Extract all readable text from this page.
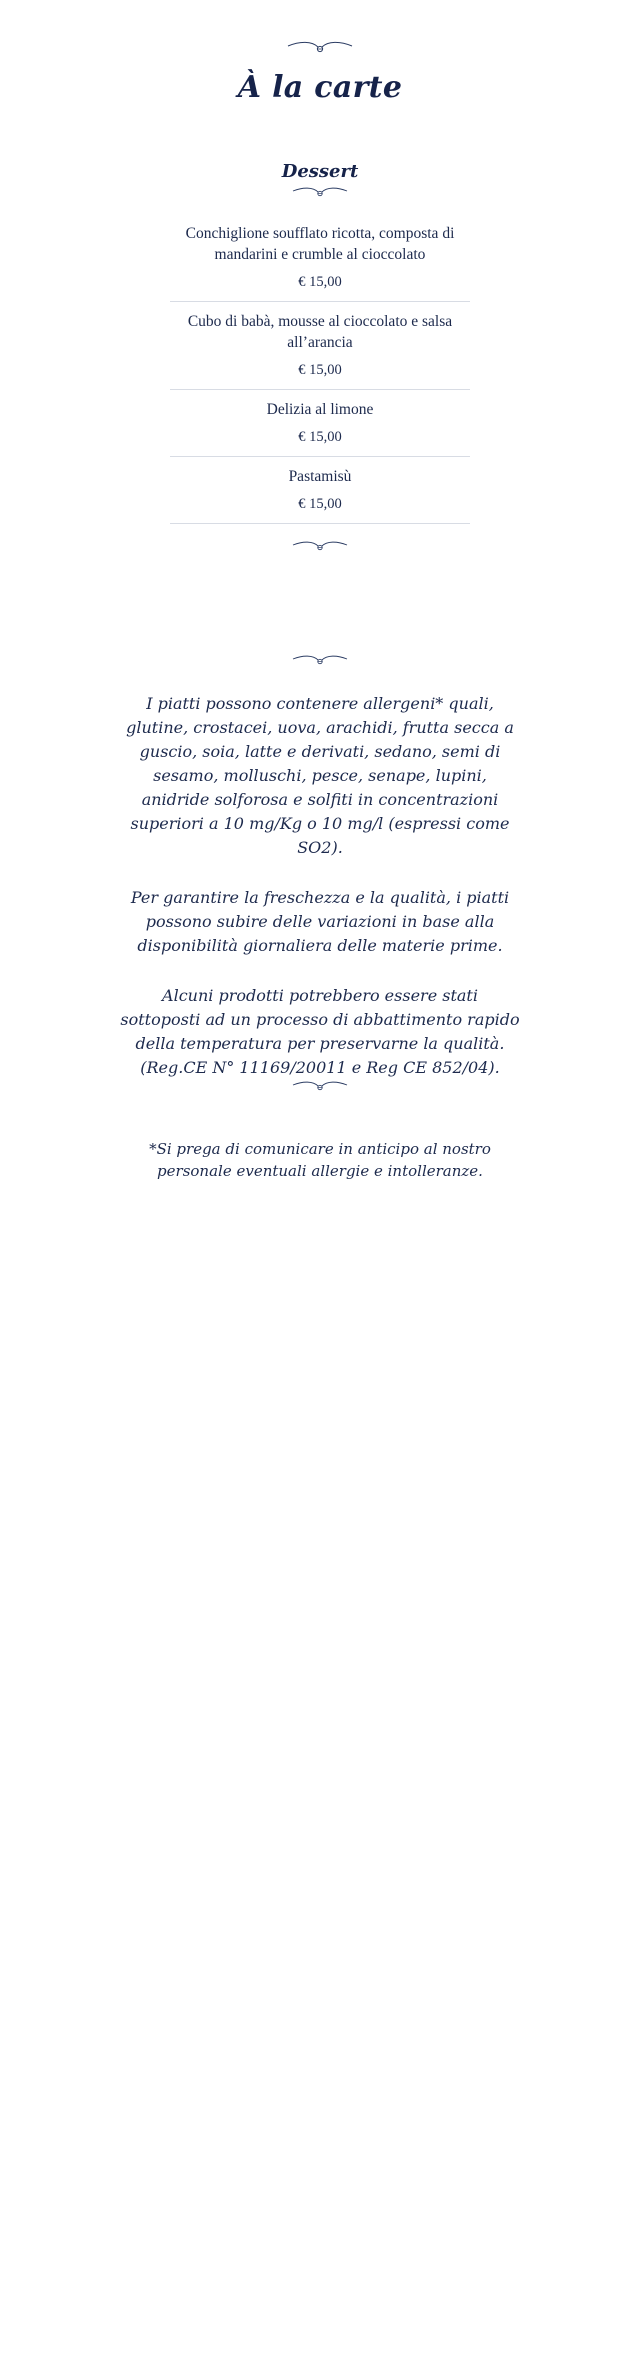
À la carte
Dessert

Conchiglione soufflato ricotta, composta di mandarini e crumble al cioccolato

€ 15,00

Cubo di babà, mousse al cioccolato e salsa all’arancia

€ 15,00

Delizia al limone

€ 15,00

Pastamisù

€ 15,00

I piatti possono contenere allergeni* quali, glutine, crostacei, uova, arachidi, frutta secca a guscio, soia, latte e derivati, sedano, semi di sesamo, molluschi, pesce, senape, lupini, anidride solforosa e solfiti in concentrazioni superiori a 10 mg/Kg o 10 mg/l (espressi come SO2).

Per garantire la freschezza e la qualità, i piatti possono subire delle variazioni in base alla disponibilità giornaliera delle materie prime.

Alcuni prodotti potrebbero essere stati sottoposti ad un processo di abbattimento rapido della temperatura per preservarne la qualità. (Reg.CE N° 11169/20011 e Reg CE 852/04).

*Si prega di comunicare in anticipo al nostro personale eventuali allergie e intolleranze.
